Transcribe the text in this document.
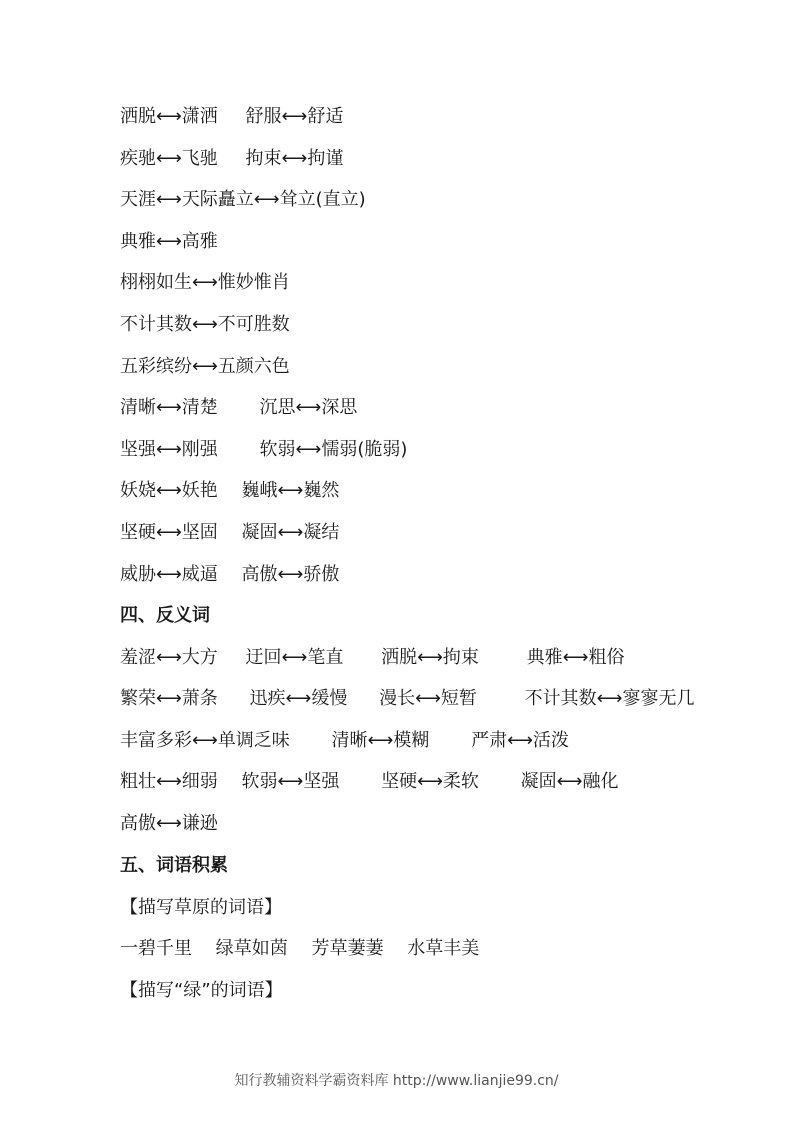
洒脱⟷潇洒 舒服⟷舒适
疾驰⟷飞驰 拘束⟷拘谨
天涯⟷天际矗立⟷耸立(直立)
典雅⟷高雅
栩栩如生⟷惟妙惟肖
不计其数⟷不可胜数
五彩缤纷⟷五颜六色
清晰⟷清楚 沉思⟷深思
坚强⟷刚强 软弱⟷懦弱(脆弱)
妖娆⟷妖艳 巍峨⟷巍然
坚硬⟷坚固 凝固⟷凝结
威胁⟷威逼 高傲⟷骄傲
四、反义词
羞涩⟷大方 迂回⟷笔直 洒脱⟷拘束	典雅⟷粗俗
繁荣⟷萧条 迅疾⟷缓慢 漫长⟷短暂	不计其数⟷寥寥无几
丰富多彩⟷单调乏味 清晰⟷模糊 严肃⟷活泼
粗壮⟷细弱 软弱⟷坚强 坚硬⟷柔软 凝固⟷融化
高傲⟷谦逊
五、词语积累
【描写草原的词语】
一碧千里 绿草如茵 芳草萋萋 水草丰美
【描写“绿”的词语】
知行教辅资料学霸资料库 http://www.lianjie99.cn/
